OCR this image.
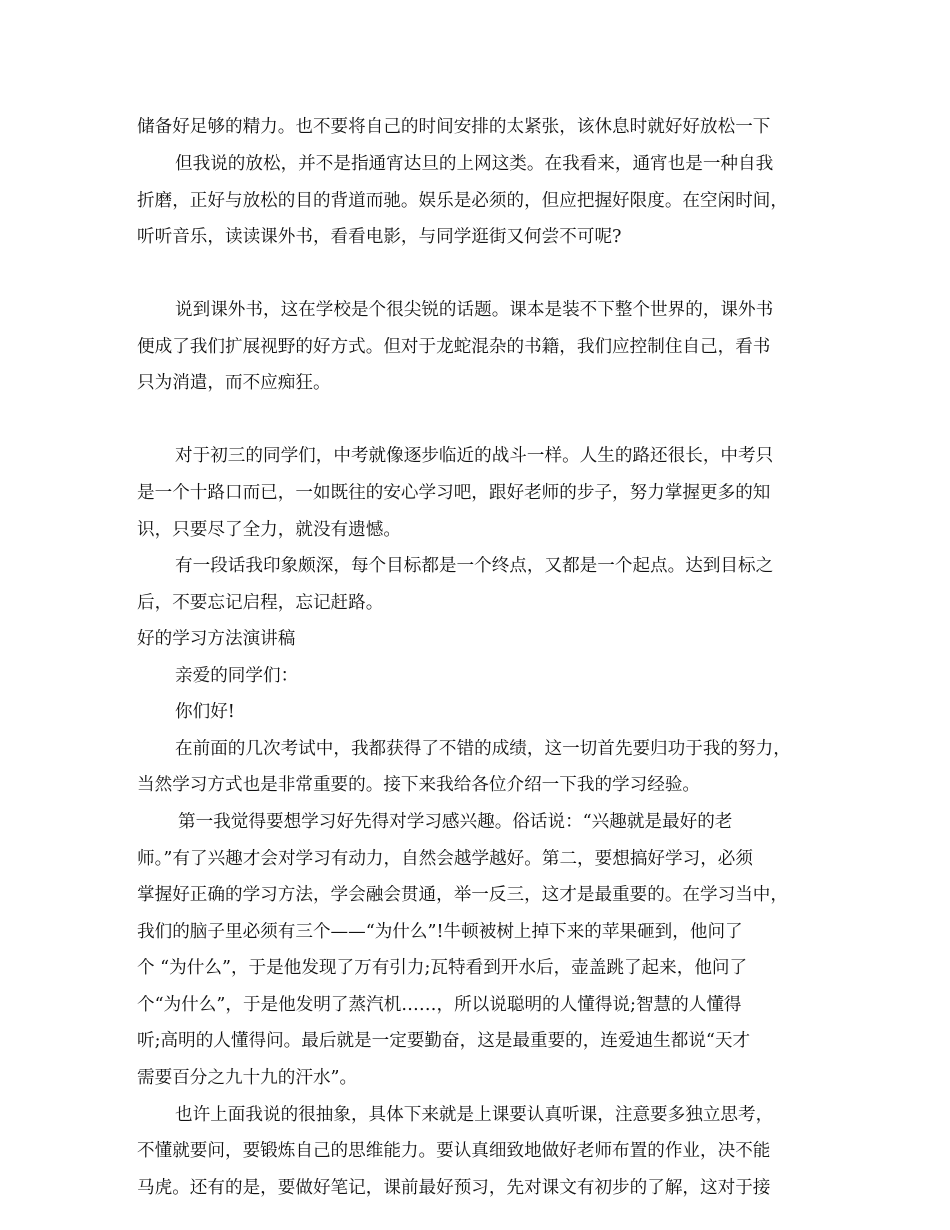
储备好足够的精力。也不要将自己的时间安排的太紧张，该休息时就好好放松一下
但我说的放松，并不是指通宵达旦的上网这类。在我看来，通宵也是一种自我
折磨，正好与放松的目的背道而驰。娱乐是必须的，但应把握好限度。在空闲时间，
听听音乐，读读课外书，看看电影，与同学逛街又何尝不可呢?
说到课外书，这在学校是个很尖锐的话题。课本是装不下整个世界的，课外书
便成了我们扩展视野的好方式。但对于龙蛇混杂的书籍，我们应控制住自己，看书
只为消遣，而不应痴狂。
对于初三的同学们，中考就像逐步临近的战斗一样。人生的路还很长，中考只
是一个十路口而已，一如既往的安心学习吧，跟好老师的步子，努力掌握更多的知
识，只要尽了全力，就没有遗憾。
有一段话我印象颇深，每个目标都是一个终点，又都是一个起点。达到目标之
后，不要忘记启程，忘记赶路。
好的学习方法演讲稿
亲爱的同学们：
你们好!
在前面的几次考试中，我都获得了不错的成绩，这一切首先要归功于我的努力，
当然学习方式也是非常重要的。接下来我给各位介绍一下我的学习经验。
第一我觉得要想学习好先得对学习感兴趣。俗话说：“兴趣就是最好的老
师。”有了兴趣才会对学习有动力，自然会越学越好。第二，要想搞好学习，必须
掌握好正确的学习方法，学会融会贯通，举一反三，这才是最重要的。在学习当中，
我们的脑子里必须有三个——“为什么”!牛顿被树上掉下来的苹果砸到，他问了
个 “为什么”，于是他发现了万有引力;瓦特看到开水后，壶盖跳了起来，他问了
个“为什么”，于是他发明了蒸汽机……，所以说聪明的人懂得说;智慧的人懂得
听;高明的人懂得问。最后就是一定要勤奋，这是最重要的，连爱迪生都说“天才
需要百分之九十九的汗水”。
也许上面我说的很抽象，具体下来就是上课要认真听课，注意要多独立思考，
不懂就要问，要锻炼自己的思维能力。要认真细致地做好老师布置的作业，决不能
马虎。还有的是，要做好笔记，课前最好预习，先对课文有初步的了解，这对于接
